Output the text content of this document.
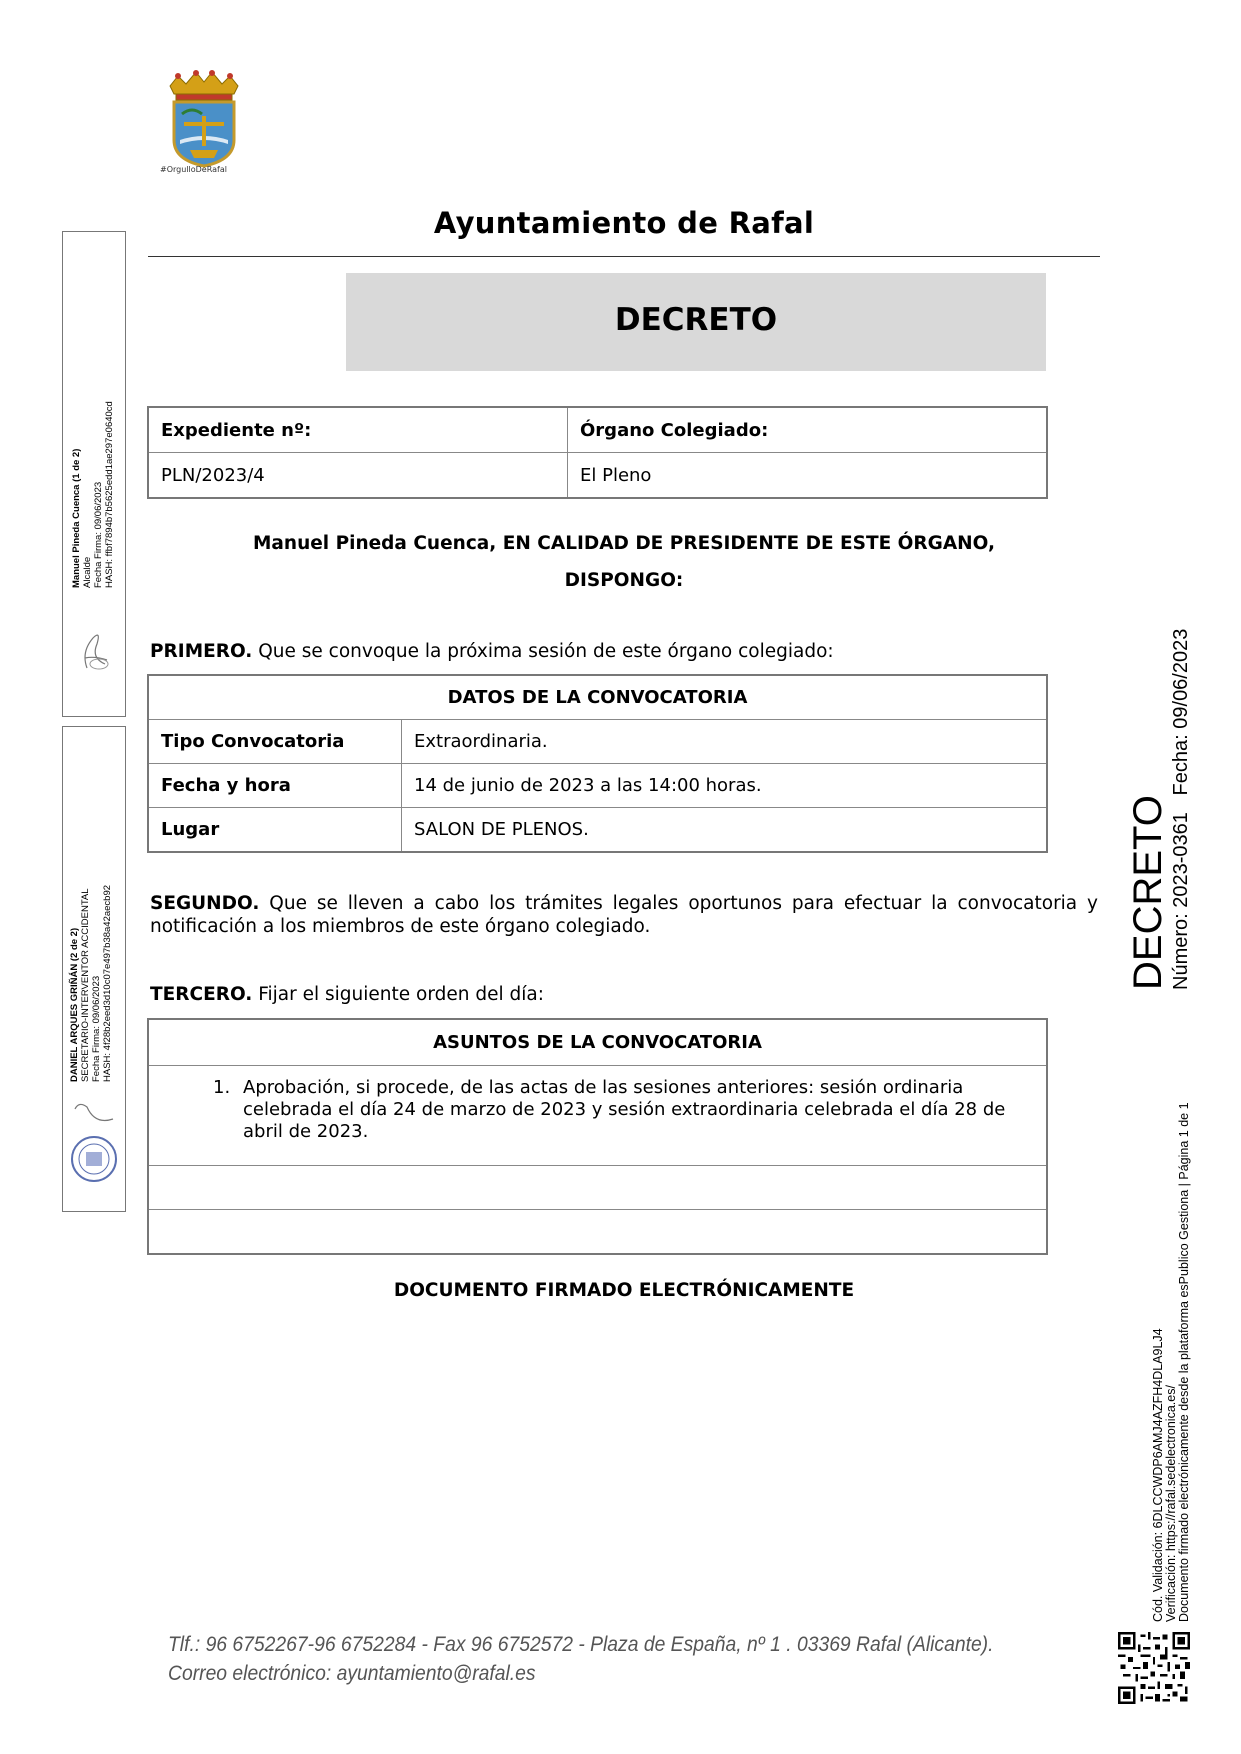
#OrgulloDeRafal
Ayuntamiento de Rafal
DECRETO
Expediente nº:	Órgano Colegiado:
PLN/2023/4	El Pleno
Manuel Pineda Cuenca, EN CALIDAD DE PRESIDENTE DE ESTE ÓRGANO,
DISPONGO:
PRIMERO. Que se convoque la próxima sesión de este órgano colegiado:
DATOS DE LA CONVOCATORIA	
Tipo Convocatoria	Extraordinaria.
Fecha y hora	14 de junio de 2023 a las 14:00 horas.
Lugar	SALON DE PLENOS.
SEGUNDO. Que se lleven a cabo los trámites legales oportunos para efectuar la convocatoria y notificación a los miembros de este órgano colegiado.
TERCERO. Fijar el siguiente orden del día:
ASUNTOS DE LA CONVOCATORIA

1. Aprobación, si procede, de las actas de las sesiones anteriores: sesión ordinaria celebrada el día 24 de marzo de 2023 y sesión extraordinaria celebrada el día 28 de abril de 2023.

DOCUMENTO FIRMADO ELECTRÓNICAMENTE
Tlf.: 96 6752267-96 6752284 - Fax 96 6752572 - Plaza de España, nº 1 . 03369 Rafal (Alicante).
Correo electrónico: ayuntamiento@rafal.es
Manuel Pineda Cuenca (1 de 2) Alcalde Fecha Firma: 09/06/2023 HASH: ffbf7894b7b5625edd1ae297e0640cd
DANIEL ARQUES GRIÑÁN (2 de 2) SECRETARIO-INTERVENTOR ACCIDENTAL Fecha Firma: 09/06/2023 HASH: 4f28b2eed3d10c07e497b38a42aecb92	DECRETO Número: 2023-0361   Fecha: 09/06/2023
Cód. Validación: 6DLCCWDP6AMJ4AZFH4DLA9LJ4 Verificación: https://rafal.sedelectronica.es/ Documento firmado electrónicamente desde la plataforma esPublico Gestiona | Página 1 de 1
